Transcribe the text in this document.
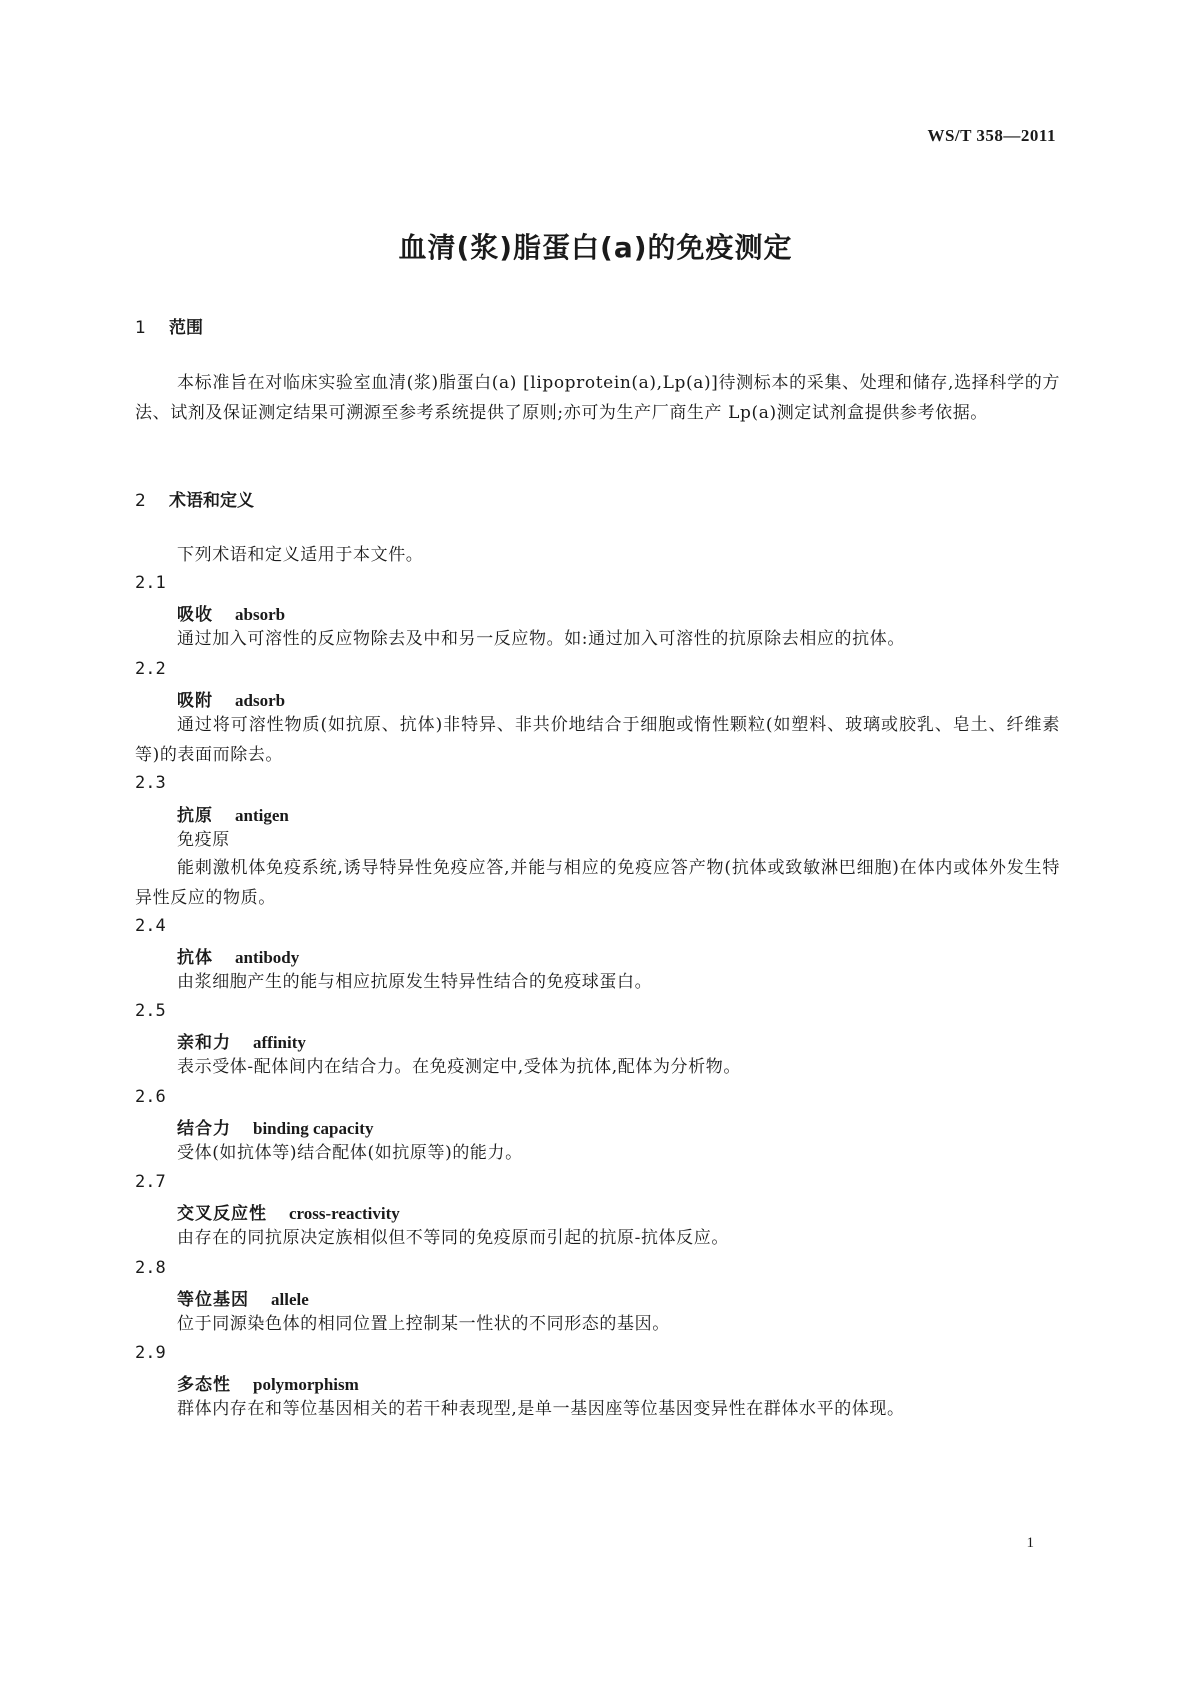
WS/T 358—2011
血清(浆)脂蛋白(a)的免疫测定
1 范围
本标准旨在对临床实验室血清(浆)脂蛋白(a) [lipoprotein(a),Lp(a)]待测标本的采集、处理和储存,选择科学的方法、试剂及保证测定结果可溯源至参考系统提供了原则;亦可为生产厂商生产 Lp(a)测定试剂盒提供参考依据。
2 术语和定义
下列术语和定义适用于本文件。
2.1
吸收 absorb
通过加入可溶性的反应物除去及中和另一反应物。如:通过加入可溶性的抗原除去相应的抗体。
2.2
吸附 adsorb
通过将可溶性物质(如抗原、抗体)非特异、非共价地结合于细胞或惰性颗粒(如塑料、玻璃或胶乳、皂土、纤维素等)的表面而除去。
2.3
抗原 antigen
免疫原
能刺激机体免疫系统,诱导特异性免疫应答,并能与相应的免疫应答产物(抗体或致敏淋巴细胞)在体内或体外发生特异性反应的物质。
2.4
抗体 antibody
由浆细胞产生的能与相应抗原发生特异性结合的免疫球蛋白。
2.5
亲和力 affinity
表示受体-配体间内在结合力。在免疫测定中,受体为抗体,配体为分析物。
2.6
结合力 binding capacity
受体(如抗体等)结合配体(如抗原等)的能力。
2.7
交叉反应性 cross-reactivity
由存在的同抗原决定族相似但不等同的免疫原而引起的抗原-抗体反应。
2.8
等位基因 allele
位于同源染色体的相同位置上控制某一性状的不同形态的基因。
2.9
多态性 polymorphism
群体内存在和等位基因相关的若干种表现型,是单一基因座等位基因变异性在群体水平的体现。
1
